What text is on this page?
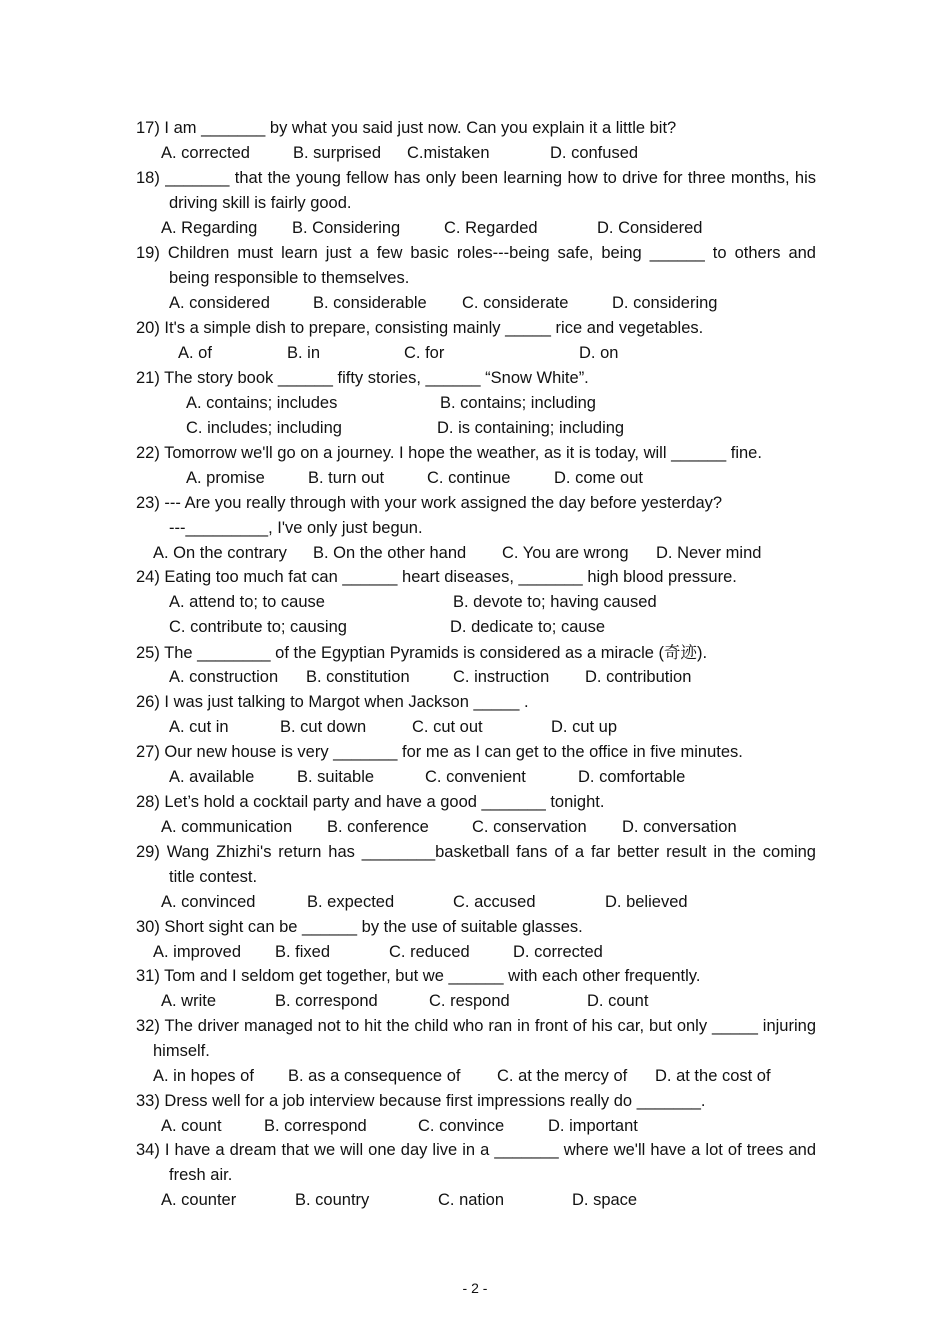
17) I am _______ by what you said just now. Can you explain it a little bit?
A. corrected	B. surprised C.mistaken	D. confused
18) _______ that the young fellow has only been learning how to drive for three months, his
driving skill is fairly good.
A. Regarding B. Considering	C. Regarded	D. Considered
19) Children must learn just a few basic roles---being safe, being ______ to others and
being responsible to themselves.
A. considered	B. considerable C. considerate	D. considering
20) It's a simple dish to prepare, consisting mainly _____ rice and vegetables.
A. of	B. in	C. for	D. on
21) The story book ______ fifty stories, ______ “Snow White”.
A. contains; includes	B. contains; including
C. includes; including	D. is containing; including
22) Tomorrow we'll go on a journey. I hope the weather, as it is today, will ______ fine.
A. promise	B. turn out	C. continue	D. come out
23) --- Are you really through with your work assigned the day before yesterday?
---_________, I've only just begun.
A. On the contrary B. On the other hand C. You are wrong D. Never mind
24) Eating too much fat can ______ heart diseases, _______ high blood pressure.
A. attend to; to cause	B. devote to; having caused
C. contribute to; causing	D. dedicate to; cause
25) The ________ of the Egyptian Pyramids is considered as a miracle (奇迹).
A. construction B. constitution	C. instruction D. contribution
26) I was just talking to Margot when Jackson _____ .
A. cut in	B. cut down	C. cut out	D. cut up
27) Our new house is very _______ for me as I can get to the office in five minutes.
A. available	B. suitable	C. convenient	D. comfortable
28) Let’s hold a cocktail party and have a good _______ tonight.
A. communication B. conference	C. conservation D. conversation
29) Wang Zhizhi's return has ________basketball fans of a far better result in the coming
title contest.
A. convinced	B. expected	C. accused	D. believed
30) Short sight can be ______ by the use of suitable glasses.
A. improved B. fixed	C. reduced	D. corrected
31) Tom and I seldom get together, but we ______ with each other frequently.
A. write	B. correspond	C. respond	D. count
32) The driver managed not to hit the child who ran in front of his car, but only _____ injuring
himself.
A. in hopes of B. as a consequence of C. at the mercy of D. at the cost of
33) Dress well for a job interview because first impressions really do _______.
A. count	B. correspond	C. convince	D. important
34) I have a dream that we will one day live in a _______ where we'll have a lot of trees and
fresh air.
A. counter	B. country	C. nation	D. space
- 2 -
